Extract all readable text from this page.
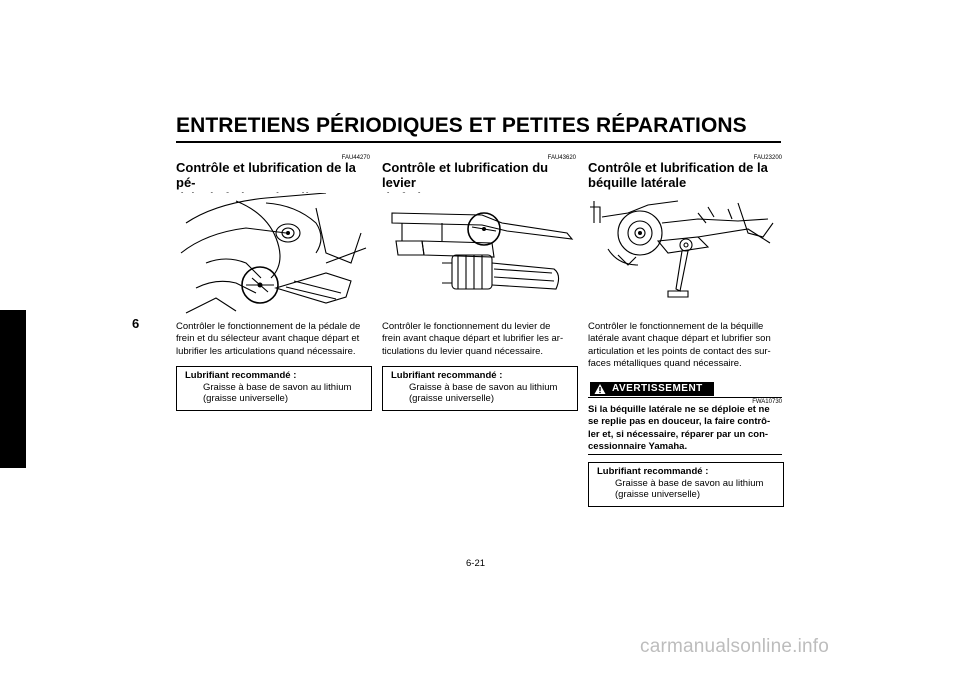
ENTRETIENS PÉRIODIQUES ET PETITES RÉPARATIONS
6
FAU44270
Contrôle et lubrification de la pé-
dale de frein et du sélecteur
Contrôler le fonctionnement de la pédale de
frein et du sélecteur avant chaque départ et
lubrifier les articulations quand nécessaire.
Lubrifiant recommandé :
Graisse à base de savon au lithium
(graisse universelle)
FAU43620
Contrôle et lubrification du levier
de frein
Contrôler le fonctionnement du levier de
frein avant chaque départ et lubrifier les ar-
ticulations du levier quand nécessaire.
Lubrifiant recommandé :
Graisse à base de savon au lithium
(graisse universelle)
FAU23200
Contrôle et lubrification de la
béquille latérale
Contrôler le fonctionnement de la béquille
latérale avant chaque départ et lubrifier son
articulation et les points de contact des sur-
faces métalliques quand nécessaire.
AVERTISSEMENT
FWA10730
Si la béquille latérale ne se déploie et ne
se replie pas en douceur, la faire contrô-
ler et, si nécessaire, réparer par un con-
cessionnaire Yamaha.
Lubrifiant recommandé :
Graisse à base de savon au lithium
(graisse universelle)
6-21
carmanualsonline.info
